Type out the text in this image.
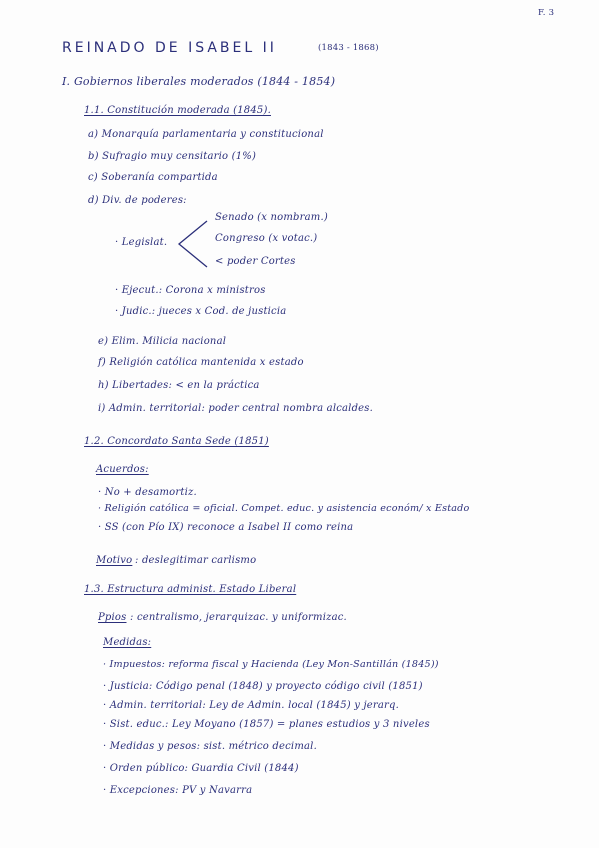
F. 3
REINADO DE ISABEL II	(1843 - 1868)
I. Gobiernos liberales moderados (1844 - 1854)
1.1. Constitución moderada (1845).
a) Monarquía parlamentaria y constitucional
b) Sufragio muy censitario (1%)
c) Soberanía compartida
d) Div. de poderes:
· Legislat.
Senado (x nombram.)
Congreso (x votac.)
< poder Cortes
· Ejecut.: Corona x ministros
· Judic.: jueces x Cod. de justicia
e) Elim. Milicia nacional
f) Religión católica mantenida x estado
h) Libertades: < en la práctica
i) Admin. territorial: poder central nombra alcaldes.
1.2. Concordato Santa Sede (1851)
Acuerdos:
· No + desamortiz.
· Religión católica = oficial. Compet. educ. y asistencia económ/ x Estado
· SS (con Pío IX) reconoce a Isabel II como reina
Motivo : deslegitimar carlismo
1.3. Estructura administ. Estado Liberal
Ppios : centralismo, jerarquizac. y uniformizac.
Medidas:
· Impuestos: reforma fiscal y Hacienda (Ley Mon-Santillán (1845))
· Justicia: Código penal (1848) y proyecto código civil (1851)
· Admin. territorial: Ley de Admin. local (1845) y jerarq.
· Sist. educ.: Ley Moyano (1857) = planes estudios y 3 niveles
· Medidas y pesos: sist. métrico decimal.
· Orden público: Guardia Civil (1844)
· Excepciones: PV y Navarra
